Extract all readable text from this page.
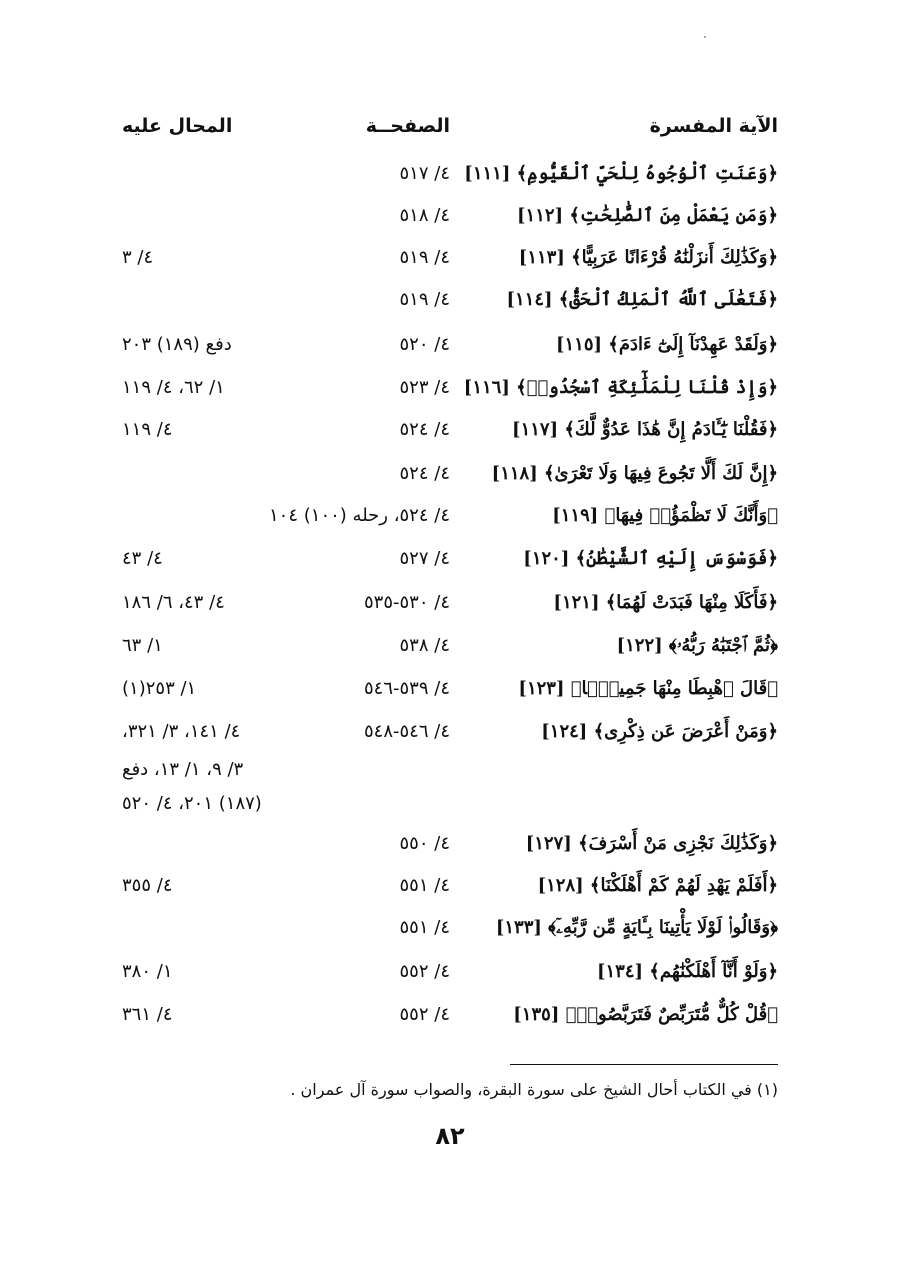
الآية المفسرة
الصفحــة
المحال عليه
﴿وَعَنَتِ ٱلْوُجُوهُ لِلْحَيِّ ٱلْقَيُّومِ﴾ [١١١]
٤/ ٥١٧
﴿وَمَن يَعْمَلْ مِنَ ٱلصَّٰلِحَٰتِ﴾ [١١٢]
٤/ ٥١٨
﴿وَكَذَٰلِكَ أَنزَلْنَٰهُ قُرْءَانًا عَرَبِيًّا﴾ [١١٣]
٤/ ٥١٩
٤/ ٣
﴿فَتَعَٰلَى ٱللَّهُ ٱلْمَلِكُ ٱلْحَقُّ﴾ [١١٤]
٤/ ٥١٩
﴿وَلَقَدْ عَهِدْنَآ إِلَىٰٓ ءَادَمَ﴾ [١١٥]
٤/ ٥٢٠
دفع (١٨٩) ٢٠٣
﴿وَإِذْ قُلْنَا لِلْمَلَٰٓئِكَةِ ٱسْجُدُوا۟﴾ [١١٦]
٤/ ٥٢٣
١/ ٦٢، ٤/ ١١٩
﴿فَقُلْنَا يَٰٓـَٔادَمُ إِنَّ هَٰذَا عَدُوٌّ لَّكَ﴾ [١١٧]
٤/ ٥٢٤
٤/ ١١٩
﴿إِنَّ لَكَ أَلَّا تَجُوعَ فِيهَا وَلَا تَعْرَىٰ﴾ [١١٨]
٤/ ٥٢٤
﴿وَأَنَّكَ لَا تَظْمَؤُا۟ فِيهَا﴾ [١١٩]
٤/ ٥٢٤، رحله (١٠٠) ١٠٤
﴿فَوَسْوَسَ إِلَيْهِ ٱلشَّيْطَٰنُ﴾ [١٢٠]
٤/ ٥٢٧
٤/ ٤٣
﴿فَأَكَلَا مِنْهَا فَبَدَتْ لَهُمَا﴾ [١٢١]
٤/ ٥٣٠-٥٣٥
٤/ ٤٣، ٦/ ١٨٦
﴿ثُمَّ ٱجْتَبَٰهُ رَبُّهُۥ﴾ [١٢٢]
٤/ ٥٣٨
١/ ٦٣
﴿قَالَ ٱهْبِطَا مِنْهَا جَمِيعًۢا﴾ [١٢٣]
٤/ ٥٣٩-٥٤٦
١/ ٢٥٣(١)
﴿وَمَنْ أَعْرَضَ عَن ذِكْرِى﴾ [١٢٤]
٤/ ٥٤٦-٥٤٨
٤/ ١٤١، ٣/ ٣٢١،
٣/ ٩، ١/ ١٣، دفع
(١٨٧) ٢٠١، ٤/ ٥٢٠
﴿وَكَذَٰلِكَ نَجْزِى مَنْ أَسْرَفَ﴾ [١٢٧]
٤/ ٥٥٠
﴿أَفَلَمْ يَهْدِ لَهُمْ كَمْ أَهْلَكْنَا﴾ [١٢٨]
٤/ ٥٥١
٤/ ٣٥٥
﴿وَقَالُوا۟ لَوْلَا يَأْتِينَا بِـَٔايَةٍ مِّن رَّبِّهِۦٓ﴾ [١٣٣]
٤/ ٥٥١
﴿وَلَوْ أَنَّآ أَهْلَكْنَٰهُم﴾ [١٣٤]
٤/ ٥٥٢
١/ ٣٨٠
﴿قُلْ كُلٌّ مُّتَرَبِّصٌ فَتَرَبَّصُوا۟﴾ [١٣٥]
٤/ ٥٥٢
٤/ ٣٦١
(١) في الكتاب أحال الشيخ على سورة البقرة، والصواب سورة آل عمران .
٨٢
